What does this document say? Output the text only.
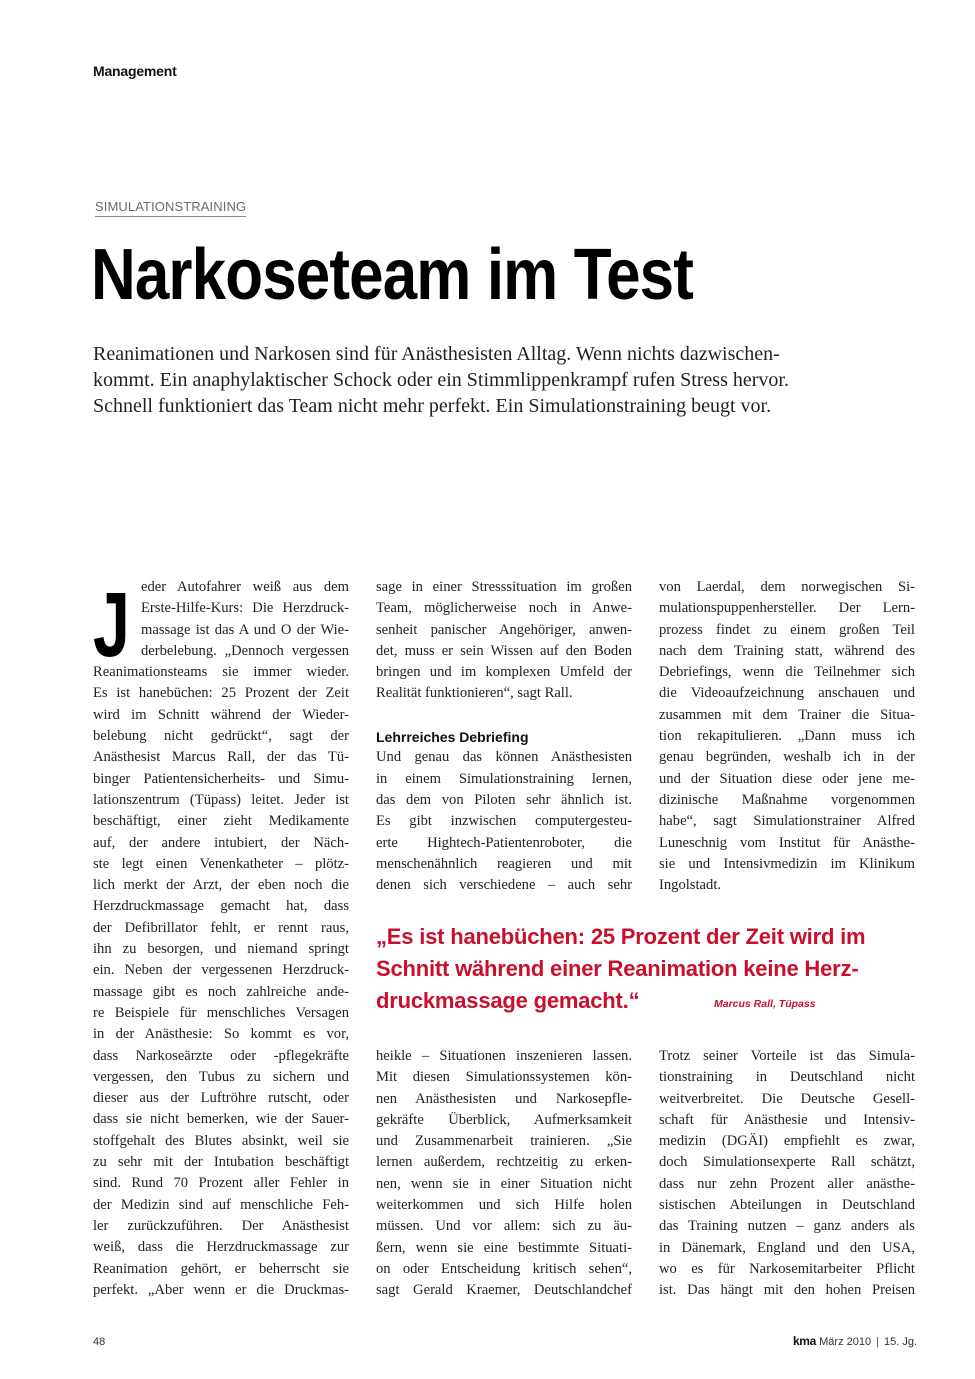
Management
SIMULATIONSTRAINING
Narkoseteam im Test

Reanimationen und Narkosen sind für Anästhesisten Alltag. Wenn nichts dazwischen-

kommt. Ein anaphylaktischer Schock oder ein Stimmlippenkrampf rufen Stress hervor.

Schnell funktioniert das Team nicht mehr perfekt. Ein Simulationstraining beugt vor.

J eder Autofahrer weiß aus dem
Erste-Hilfe-Kurs: Die Herzdruck-
massage ist das A und O der Wie-
derbelebung. „Dennoch vergessen
Reanimationsteams sie immer wieder.
Es ist hanebüchen: 25 Prozent der Zeit
wird im Schnitt während der Wieder-
belebung nicht gedrückt“, sagt der
Anästhesist Marcus Rall, der das Tü-
binger Patientensicherheits- und Simu-
lationszentrum (Tüpass) leitet. Jeder ist
beschäftigt, einer zieht Medikamente
auf, der andere intubiert, der Näch-
ste legt einen Venenkatheter – plötz-
lich merkt der Arzt, der eben noch die
Herzdruckmassage gemacht hat, dass
der Defibrillator fehlt, er rennt raus,
ihn zu besorgen, und niemand springt
ein. Neben der vergessenen Herzdruck-
massage gibt es noch zahlreiche ande-
re Beispiele für menschliches Versagen
in der Anästhesie: So kommt es vor,
dass Narkoseärzte oder -pflegekräfte
vergessen, den Tubus zu sichern und
dieser aus der Luftröhre rutscht, oder
dass sie nicht bemerken, wie der Sauer-
stoffgehalt des Blutes absinkt, weil sie
zu sehr mit der Intubation beschäftigt
sind. Rund 70 Prozent aller Fehler in
der Medizin sind auf menschliche Feh-
ler zurückzuführen. Der Anästhesist
weiß, dass die Herzdruckmassage zur
Reanimation gehört, er beherrscht sie
perfekt. „Aber wenn er die Druckmas-
sage in einer Stresssituation im großen
Team, möglicherweise noch in Anwe-
senheit panischer Angehöriger, anwen-
det, muss er sein Wissen auf den Boden
bringen und im komplexen Umfeld der
Realität funktionieren“, sagt Rall.
Lehrreiches Debriefing
Und genau das können Anästhesisten
in einem Simulationstraining lernen,
das dem von Piloten sehr ähnlich ist.
Es gibt inzwischen computergesteu-
erte Hightech-Patientenroboter, die
menschenähnlich reagieren und mit
denen sich verschiedene – auch sehr
von Laerdal, dem norwegischen Si-
mulationspuppenhersteller. Der Lern-
prozess findet zu einem großen Teil
nach dem Training statt, während des
Debriefings, wenn die Teilnehmer sich
die Videoaufzeichnung anschauen und
zusammen mit dem Trainer die Situa-
tion rekapitulieren. „Dann muss ich
genau begründen, weshalb ich in der
und der Situation diese oder jene me-
dizinische Maßnahme vorgenommen
habe“, sagt Simulationstrainer Alfred
Luneschnig vom Institut für Anästhe-
sie und Intensivmedizin im Klinikum
Ingolstadt.
„Es ist hanebüchen: 25 Prozent der Zeit wird im
Schnitt während einer Reanimation keine Herz-
druckmassage gemacht.“	Marcus Rall, Tüpass
heikle – Situationen inszenieren lassen.
Mit diesen Simulationssystemen kön-
nen Anästhesisten und Narkosepfle-
gekräfte Überblick, Aufmerksamkeit
und Zusammenarbeit trainieren. „Sie
lernen außerdem, rechtzeitig zu erken-
nen, wenn sie in einer Situation nicht
weiterkommen und sich Hilfe holen
müssen. Und vor allem: sich zu äu-
ßern, wenn sie eine bestimmte Situati-
on oder Entscheidung kritisch sehen“,
sagt Gerald Kraemer, Deutschlandchef
Trotz seiner Vorteile ist das Simula-
tionstraining in Deutschland nicht
weitverbreitet. Die Deutsche Gesell-
schaft für Anästhesie und Intensiv-
medizin (DGÄI) empfiehlt es zwar,
doch Simulationsexperte Rall schätzt,
dass nur zehn Prozent aller anästhe-
sistischen Abteilungen in Deutschland
das Training nutzen – ganz anders als
in Dänemark, England und den USA,
wo es für Narkosemitarbeiter Pflicht
ist. Das hängt mit den hohen Preisen
48	kma März 2010 | 15. Jg.
